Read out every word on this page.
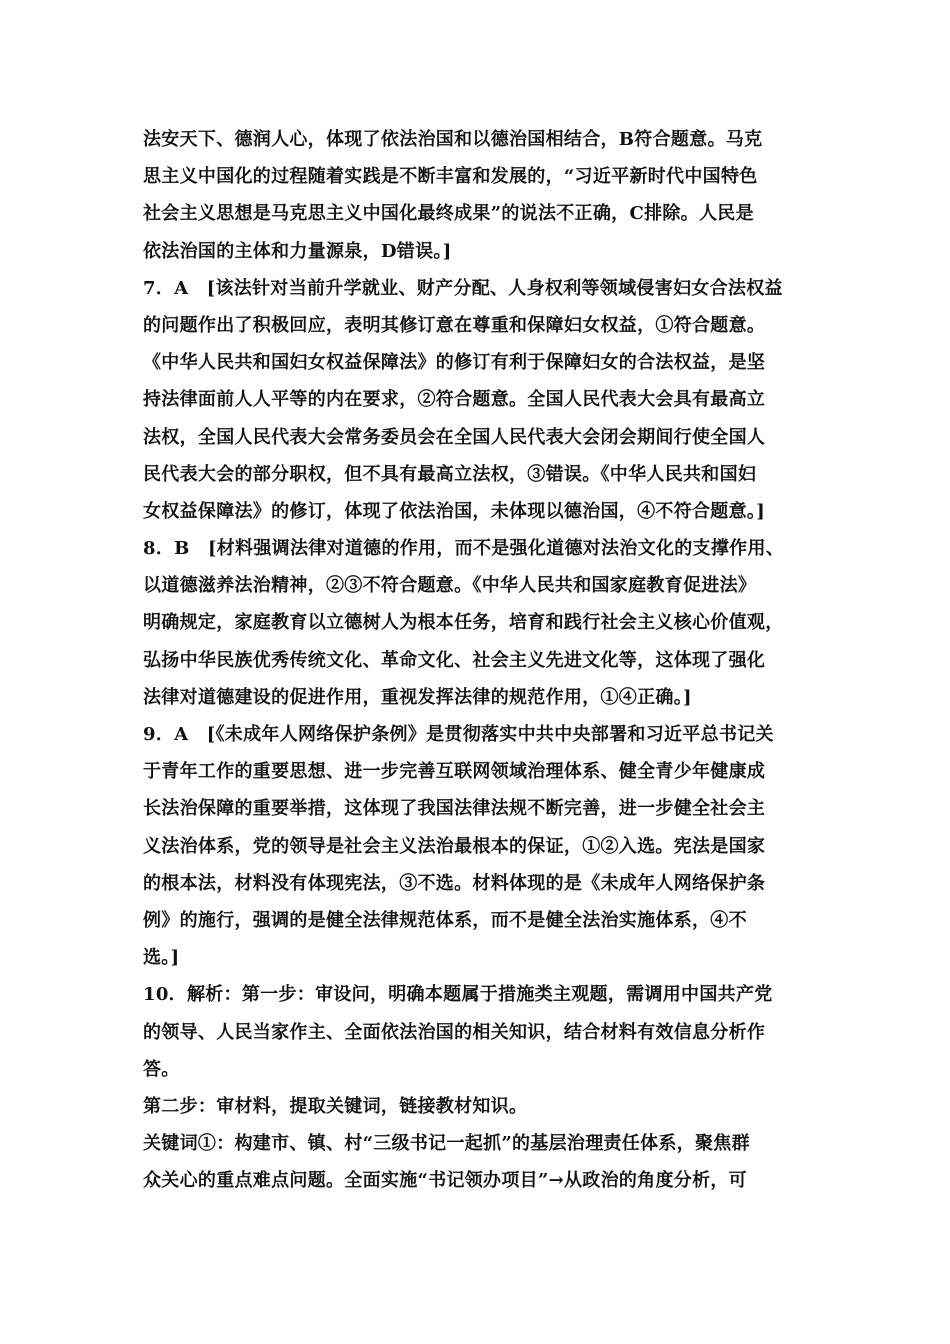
法安天下、德润人心，体现了依法治国和以德治国相结合，B符合题意。马克
思主义中国化的过程随着实践是不断丰富和发展的，“习近平新时代中国特色
社会主义思想是马克思主义中国化最终成果”的说法不正确，C排除。人民是
依法治国的主体和力量源泉，D错误。]
7．A　[该法针对当前升学就业、财产分配、人身权利等领域侵害妇女合法权益
的问题作出了积极回应，表明其修订意在尊重和保障妇女权益，①符合题意。
《中华人民共和国妇女权益保障法》的修订有利于保障妇女的合法权益，是坚
持法律面前人人平等的内在要求，②符合题意。全国人民代表大会具有最高立
法权，全国人民代表大会常务委员会在全国人民代表大会闭会期间行使全国人
民代表大会的部分职权，但不具有最高立法权，③错误。《中华人民共和国妇
女权益保障法》的修订，体现了依法治国，未体现以德治国，④不符合题意。]
8．B　[材料强调法律对道德的作用，而不是强化道德对法治文化的支撑作用、
以道德滋养法治精神，②③不符合题意。《中华人民共和国家庭教育促进法》
明确规定，家庭教育以立德树人为根本任务，培育和践行社会主义核心价值观，
弘扬中华民族优秀传统文化、革命文化、社会主义先进文化等，这体现了强化
法律对道德建设的促进作用，重视发挥法律的规范作用，①④正确。]
9．A　[《未成年人网络保护条例》是贯彻落实中共中央部署和习近平总书记关
于青年工作的重要思想、进一步完善互联网领域治理体系、健全青少年健康成
长法治保障的重要举措，这体现了我国法律法规不断完善，进一步健全社会主
义法治体系，党的领导是社会主义法治最根本的保证，①②入选。宪法是国家
的根本法，材料没有体现宪法，③不选。材料体现的是《未成年人网络保护条
例》的施行，强调的是健全法律规范体系，而不是健全法治实施体系，④不
选。]
10．解析：第一步：审设问，明确本题属于措施类主观题，需调用中国共产党
的领导、人民当家作主、全面依法治国的相关知识，结合材料有效信息分析作
答。
第二步：审材料，提取关键词，链接教材知识。
关键词①：构建市、镇、村“三级书记一起抓”的基层治理责任体系，聚焦群
众关心的重点难点问题。全面实施“书记领办项目”→从政治的角度分析，可
